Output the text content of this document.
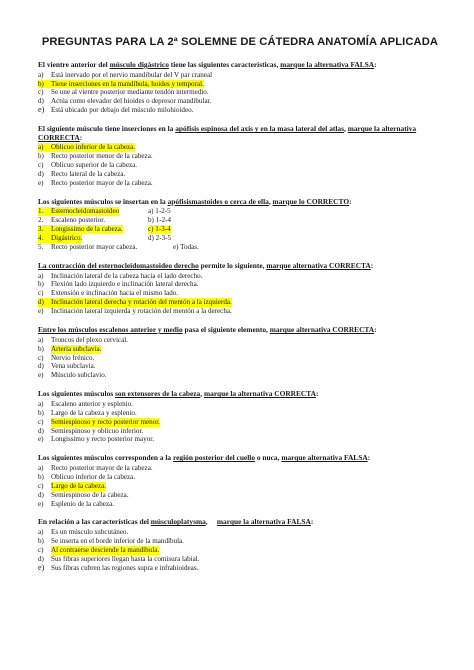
PREGUNTAS PARA LA 2ª SOLEMNE DE CÁTEDRA ANATOMÍA APLICADA
El vientre anterior del músculo digástrico tiene las siguientes características, marque la alternativa FALSA:
a)	Está inervado por el nervio mandibular del V par craneal
b) Tiene inserciones en la mandíbula, hoides y temporal.
c)	Se une al vientre posterior mediante tendón intermedio.
d) Actúa como elevador del hioides o depresor mandibular.
e) Está ubicado por debajo del músculo milohioideo.
El siguiente músculo tiene inserciones en la apófisis espinosa del axis y en la masa lateral del atlas, marque la alternativa
CORRECTA:
a)	Oblicuo inferior de la cabeza.
b) Recto posterior menor de la cabeza.
c)	Oblicuo superior de la cabeza.
d) Recto lateral de la cabeza.
e)	Recto posterior mayor de la cabeza.
Los siguientes músculos se insertan en la apófisismastoides o cerca de ella, marque lo CORRECTO:
1.	Esternocleidomastoideo	a) 1-2-5
2.	Escaleno posterior.	b) 1-2-4
3.	Longissimo de la cabeza.	c) 1-3-4
4.	Digástrico.	d) 2-3-5
5.	Recto posterior mayor cabeza.	e) Todas.
La contracción del esternocleidomastoideo derecho permite lo siguiente, marque alternativa CORRECTA:
a)	Inclinación lateral de la cabeza hacia el lado derecho.
b) Flexión lado izquierdo e inclinación lateral derecha.
c)	Extensión e inclinación hacia el mismo lado.
d) Inclinación lateral derecha y rotación del mentón a la izquierda.
e)	Inclinación lateral izquierda y rotación del mentón a la derecha.
Entre los músculos escalenos anterior y medio pasa el siguiente elemento, marque alternativa CORRECTA:
a)	Troncos del plexo cervical.
b) Arteria subclavia.
c)	Nervio frénico.
d) Vena subclavia.
e)	Músculo subclavio.
Los siguientes músculos son extensores de la cabeza, marque la alternativa CORRECTA:
a)	Escaleno anterior y esplenio.
b) Largo de la cabeza y esplenio.
c)	Semiespinoso y recto posterior menor.
d) Semiespinoso y oblicuo inferior.
e)	Longissimo y recto posterior mayor.
Los siguientes músculos corresponden a la región posterior del cuello o nuca, marque alternativa FALSA:
a)	Recto posterior mayor de la cabeza.
b) Oblicuo inferior de la cabeza.
c)	Largo de la cabeza.
d) Semiespinoso de la cabeza.
e)	Esplenio de la cabeza.
En relación a las características del músculoplatysma,     marque la alternativa FALSA:
a)	Es un músculo subcutáneo.
b) Se inserta en el borde inferior de la mandíbula.
c)	Al contraerse desciende la mandíbula.
d) Sus fibras superiores llegan hasta la comisura labial.
e) Sus fibras cubren las regiones supra e infrahioideas.
